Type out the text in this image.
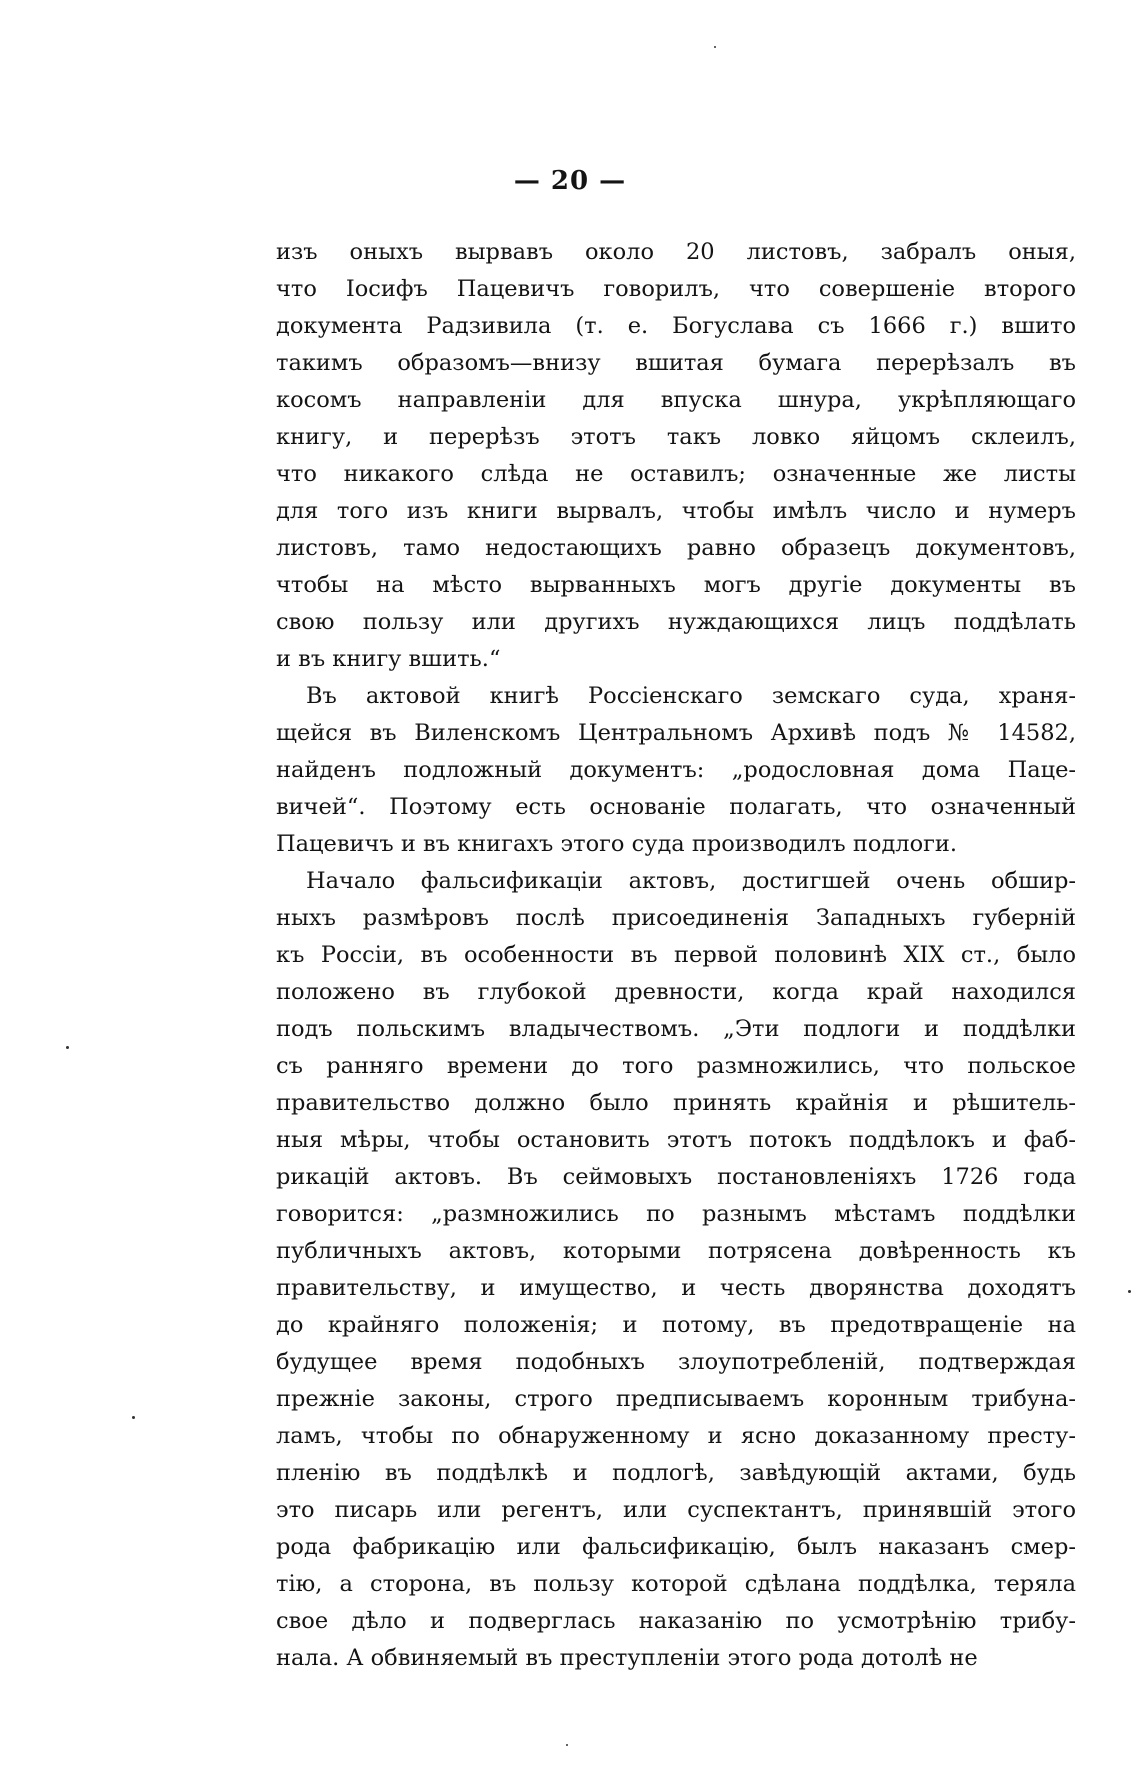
— 20 —
изъ оныхъ вырвавъ около 20 листовъ, забралъ оныя,
что Iосифъ Пацевичъ говорилъ, что совершенiе второго
документа Радзивила (т. е. Богуслава съ 1666 г.) вшито
такимъ образомъ—внизу вшитая бумага перерѣзалъ въ
косомъ направленiи для впуска шнура, укрѣпляющаго
книгу, и перерѣзъ этотъ такъ ловко яйцомъ склеилъ,
что никакого слѣда не оставилъ; означенные же листы
для того изъ книги вырвалъ, чтобы имѣлъ число и нумеръ
листовъ, тамо недостающихъ равно образецъ документовъ,
чтобы на мѣсто вырванныхъ могъ другiе документы въ
свою пользу или другихъ нуждающихся лицъ поддѣлать
и въ книгу вшить.“
Въ актовой книгѣ Россiенскаго земскаго суда, храня-
щейся въ Виленскомъ Центральномъ Архивѣ подъ № 14582,
найденъ подложный документъ: „родословная дома Паце-
вичей“. Поэтому есть основанiе полагать, что означенный
Пацевичъ и въ книгахъ этого суда производилъ подлоги.
Начало фальсификацiи актовъ, достигшей очень обшир-
ныхъ размѣровъ послѣ присоединенiя Западныхъ губернiй
къ Россiи, въ особенности въ первой половинѣ XIX ст., было
положено въ глубокой древности, когда край находился
подъ польскимъ владычествомъ. „Эти подлоги и поддѣлки
съ ранняго времени до того размножились, что польское
правительство должно было принять крайнiя и рѣшитель-
ныя мѣры, чтобы остановить этотъ потокъ поддѣлокъ и фаб-
рикацiй актовъ. Въ сеймовыхъ постановленiяхъ 1726 года
говорится: „размножились по разнымъ мѣстамъ поддѣлки
публичныхъ актовъ, которыми потрясена довѣренность къ
правительству, и имущество, и честь дворянства доходятъ
до крайняго положенiя; и потому, въ предотвращенiе на
будущее время подобныхъ злоупотребленiй, подтверждая
прежнiе законы, строго предписываемъ коронным трибуна-
ламъ, чтобы по обнаруженному и ясно доказанному престу-
пленiю въ поддѣлкѣ и подлогѣ, завѣдующiй актами, будь
это писарь или регентъ, или суспектантъ, принявшiй этого
рода фабрикацiю или фальсификацiю, былъ наказанъ смер-
тiю, а сторона, въ пользу которой сдѣлана поддѣлка, теряла
свое дѣло и подверглась наказанiю по усмотрѣнiю трибу-
нала. А обвиняемый въ преступленiи этого рода дотолѣ не
